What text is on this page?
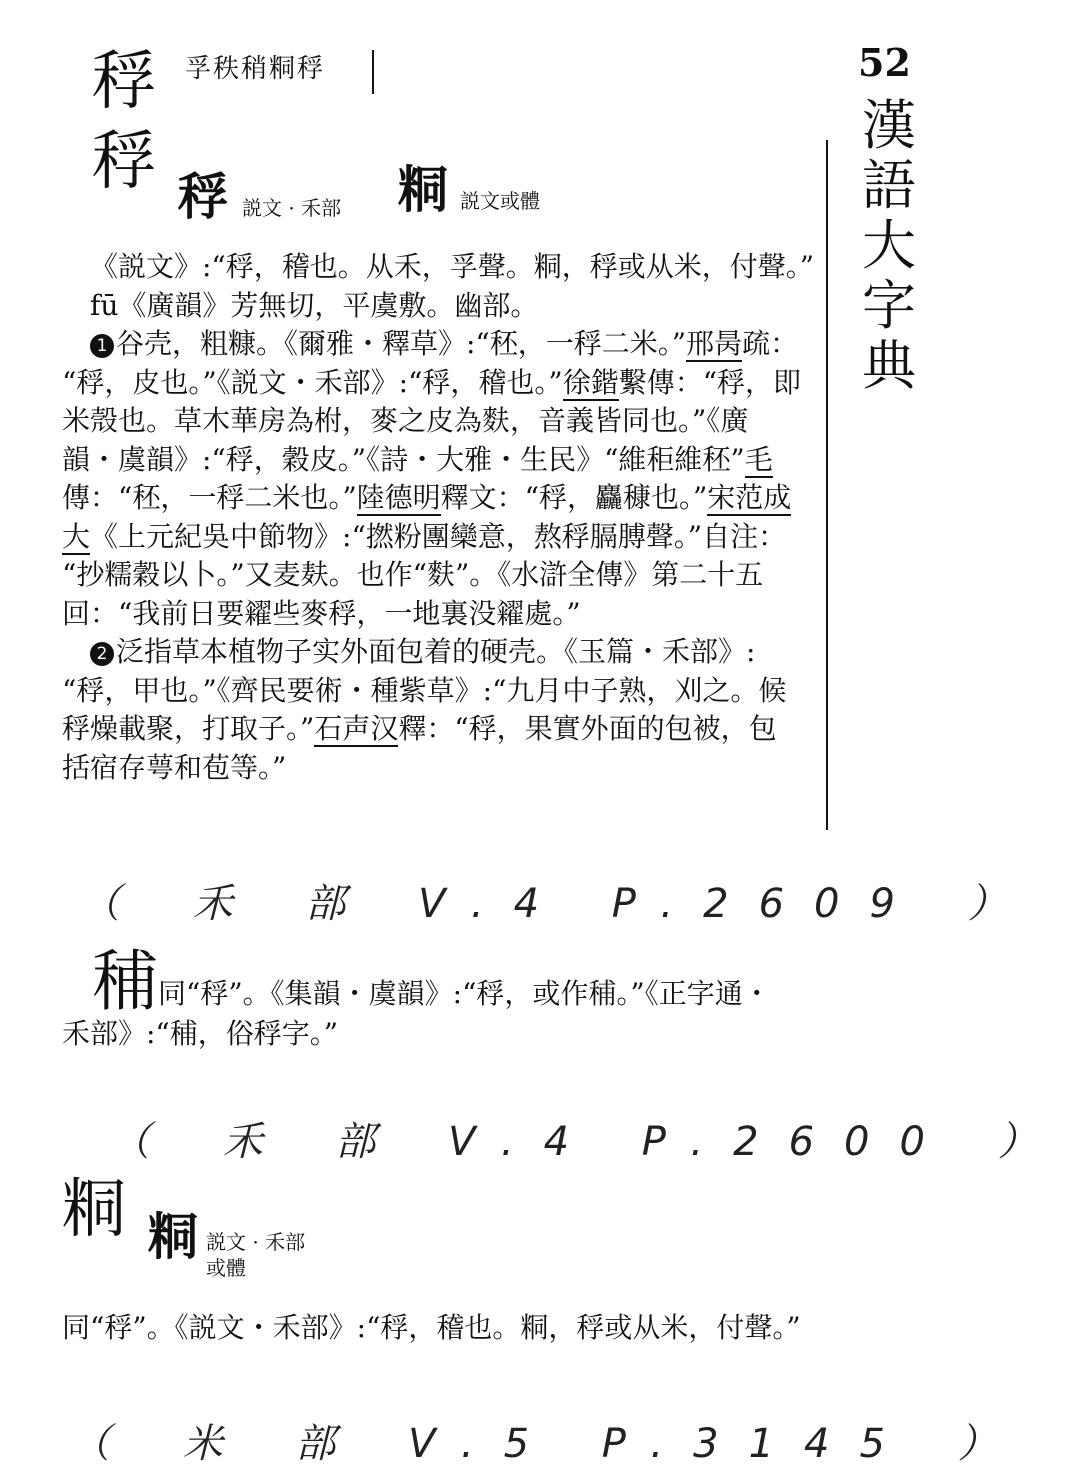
52
漢
語
大
字
典
稃 孚秩稍粡稃
稃 稃 説文 · 禾部 粡 説文或體
《説文》:“稃，稽也。从禾，孚聲。粡，稃或从米，付聲。”
fū《廣韻》芳無切，平虞敷。幽部。
1 谷壳，粗糠。《爾雅・釋草》:“秠，一稃二米。”邢昺疏：
“稃，皮也。”《説文・禾部》:“稃，稽也。”徐鍇繫傳：“稃，即
米殼也。草木華房為柎，麥之皮為麩，音義皆同也。”《廣
韻・虞韻》:“稃，穀皮。”《詩・大雅・生民》“維秬維秠”毛
傳：“秠，一稃二米也。”陸德明釋文：“稃，麤穅也。”宋范成
大《上元紀吳中節物》:“撚粉團欒意，熬稃膈膊聲。”自注：
“抄糯穀以卜。”又麦麸。也作“麩”。《水滸全傳》第二十五
回：“我前日要糴些麥稃，一地裏没糴處。”
2 泛指草本植物子实外面包着的硬壳。《玉篇・禾部》:
“稃，甲也。”《齊民要術・種紫草》:“九月中子熟，刈之。候
稃燥載聚，打取子。”石声汉釋：“稃，果實外面的包被，包
括宿存萼和苞等。”
（ 禾 部 V.4 P.2609 ）
秿 同“稃”。《集韻・虞韻》:“稃，或作秿。”《正字通・
禾部》:“秿，俗稃字。”
（ 禾 部 V.4 P.2600 ）
粡 粡 説文 · 禾部
或體
同“稃”。《説文・禾部》:“稃，稽也。粡，稃或从米，付聲。”
（ 米 部 V.5 P.3145 ）
